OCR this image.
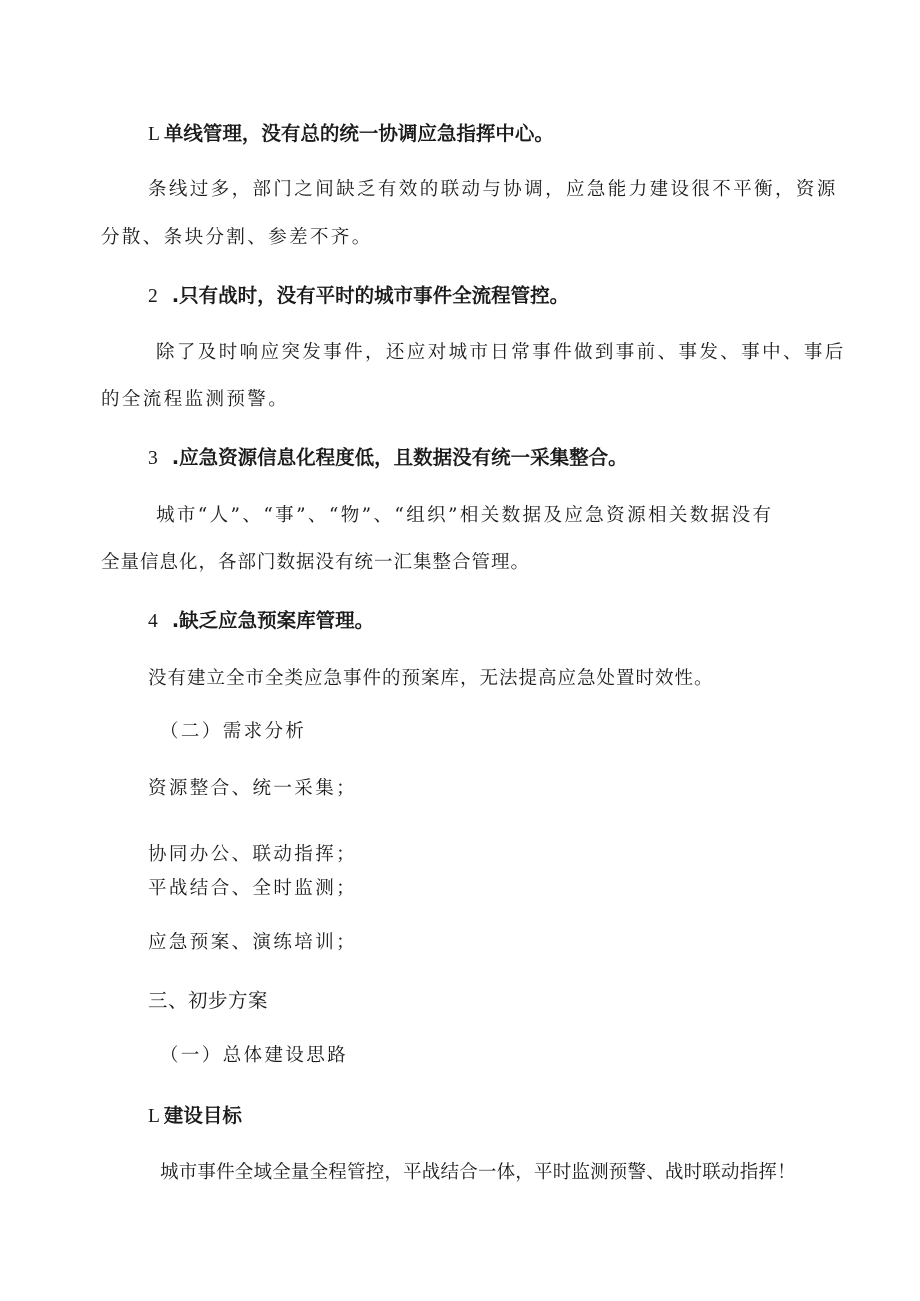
L 单线管理，没有总的统一协调应急指挥中心。
条线过多，部门之间缺乏有效的联动与协调，应急能力建设很不平衡，资源
分散、条块分割、参差不齐。
2 .只有战时，没有平时的城市事件全流程管控。
除了及时响应突发事件，还应对城市日常事件做到事前、事发、事中、事后
的全流程监测预警。
3 .应急资源信息化程度低，且数据没有统一采集整合。
城市“人”、“事”、“物”、“组织”相关数据及应急资源相关数据没有
全量信息化，各部门数据没有统一汇集整合管理。
4 .缺乏应急预案库管理。
没有建立全市全类应急事件的预案库，无法提高应急处置时效性。
（二）需求分析
资源整合、统一采集；
协同办公、联动指挥；
平战结合、全时监测；
应急预案、演练培训；
三、初步方案
（一）总体建设思路
L 建设目标
城市事件全域全量全程管控，平战结合一体，平时监测预警、战时联动指挥！
